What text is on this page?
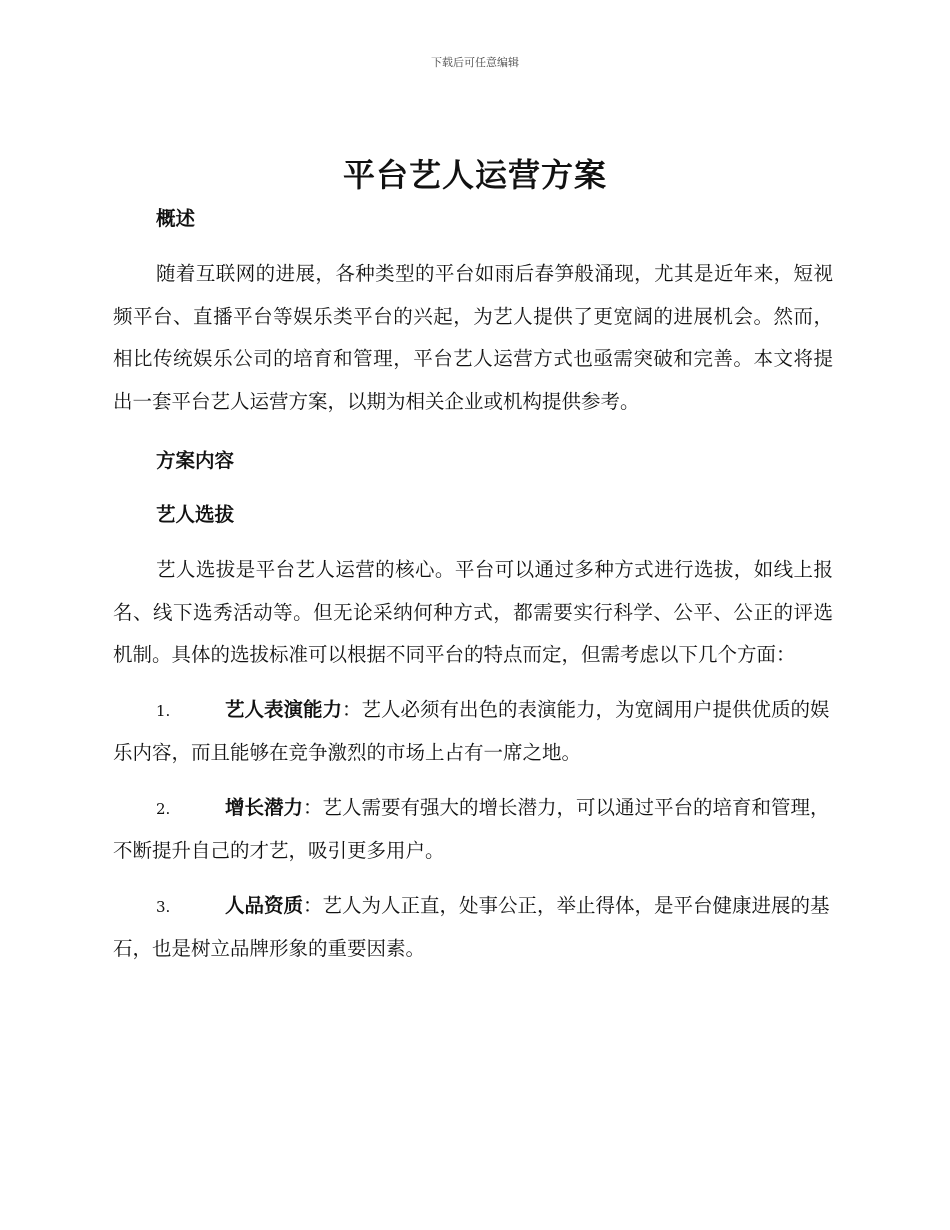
下载后可任意编辑
平台艺人运营方案

概述

随着互联网的进展，各种类型的平台如雨后春笋般涌现，尤其是近年来，短视频平台、直播平台等娱乐类平台的兴起，为艺人提供了更宽阔的进展机会。然而，相比传统娱乐公司的培育和管理，平台艺人运营方式也亟需突破和完善。本文将提出一套平台艺人运营方案，以期为相关企业或机构提供参考。

方案内容

艺人选拔

艺人选拔是平台艺人运营的核心。平台可以通过多种方式进行选拔，如线上报名、线下选秀活动等。但无论采纳何种方式，都需要实行科学、公平、公正的评选机制。具体的选拔标准可以根据不同平台的特点而定，但需考虑以下几个方面：

1.	艺人表演能力：艺人必须有出色的表演能力，为宽阔用户提供优质的娱乐内容，而且能够在竞争激烈的市场上占有一席之地。

2.	增长潜力：艺人需要有强大的增长潜力，可以通过平台的培育和管理，不断提升自己的才艺，吸引更多用户。

3.	人品资质：艺人为人正直，处事公正，举止得体，是平台健康进展的基石，也是树立品牌形象的重要因素。
